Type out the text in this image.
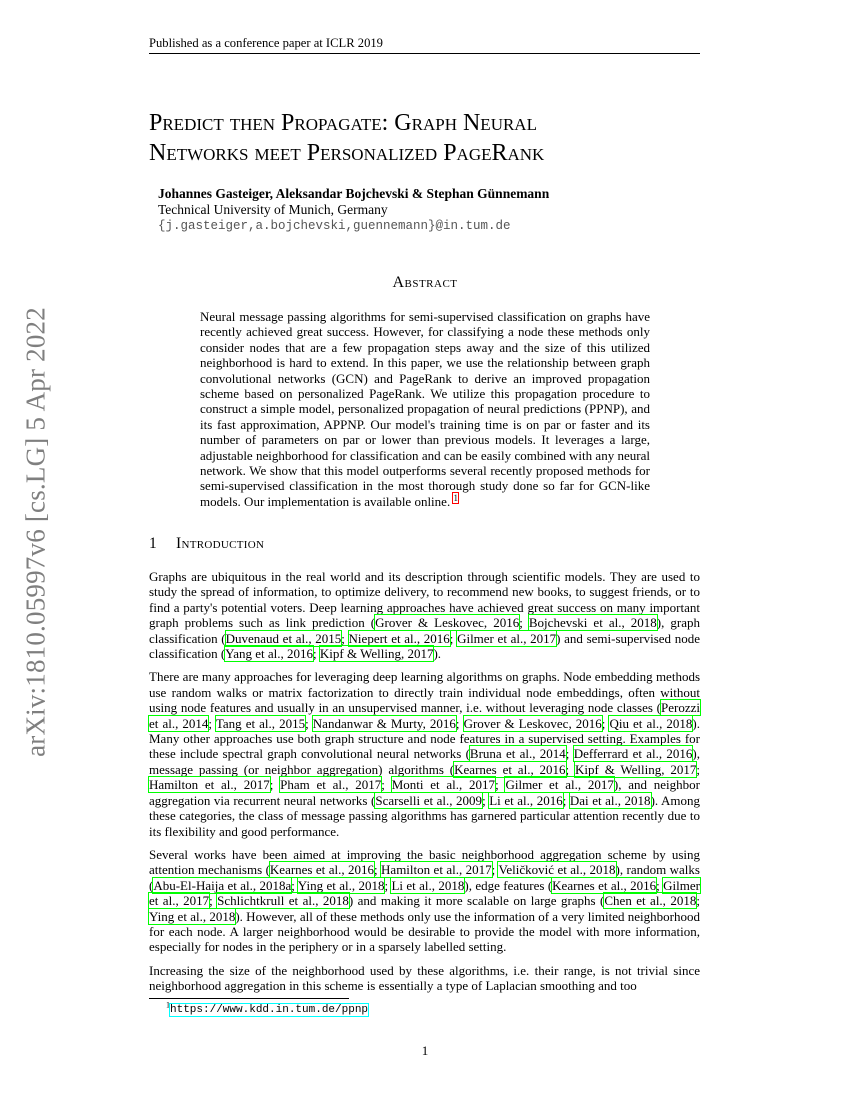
Published as a conference paper at ICLR 2019
arXiv:1810.05997v6 [cs.LG] 5 Apr 2022
Predict then Propagate: Graph Neural
Networks meet Personalized PageRank
Johannes Gasteiger, Aleksandar Bojchevski & Stephan Günnemann
Technical University of Munich, Germany
{j.gasteiger,a.bojchevski,guennemann}@in.tum.de
Abstract

Neural message passing algorithms for semi-supervised classification on graphs have recently achieved great success. However, for classifying a node these methods only consider nodes that are a few propagation steps away and the size of this utilized neighborhood is hard to extend. In this paper, we use the relationship between graph convolutional networks (GCN) and PageRank to derive an improved propagation scheme based on personalized PageRank. We utilize this propagation procedure to construct a simple model, personalized propagation of neural predictions (PPNP), and its fast approximation, APPNP. Our model's training time is on par or faster and its number of parameters on par or lower than previous models. It leverages a large, adjustable neighborhood for classification and can be easily combined with any neural network. We show that this model outperforms several recently proposed methods for semi-supervised classification in the most thorough study done so far for GCN-like models. Our implementation is available online. $^1$

1 Introduction

Graphs are ubiquitous in the real world and its description through scientific models. They are used to study the spread of information, to optimize delivery, to recommend new books, to suggest friends, or to find a party's potential voters. Deep learning approaches have achieved great success on many important graph problems such as link prediction (Grover & Leskovec, 2016; Bojchevski et al., 2018), graph classification (Duvenaud et al., 2015; Niepert et al., 2016; Gilmer et al., 2017) and semi-supervised node classification (Yang et al., 2016; Kipf & Welling, 2017).

There are many approaches for leveraging deep learning algorithms on graphs. Node embedding methods use random walks or matrix factorization to directly train individual node embeddings, often without using node features and usually in an unsupervised manner, i.e. without leveraging node classes (Perozzi et al., 2014; Tang et al., 2015; Nandanwar & Murty, 2016; Grover & Leskovec, 2016; Qiu et al., 2018). Many other approaches use both graph structure and node features in a supervised setting. Examples for these include spectral graph convolutional neural networks (Bruna et al., 2014; Defferrard et al., 2016), message passing (or neighbor aggregation) algorithms (Kearnes et al., 2016; Kipf & Welling, 2017; Hamilton et al., 2017; Pham et al., 2017; Monti et al., 2017; Gilmer et al., 2017), and neighbor aggregation via recurrent neural networks (Scarselli et al., 2009; Li et al., 2016; Dai et al., 2018). Among these categories, the class of message passing algorithms has garnered particular attention recently due to its flexibility and good performance.

Several works have been aimed at improving the basic neighborhood aggregation scheme by using attention mechanisms (Kearnes et al., 2016; Hamilton et al., 2017; Veličković et al., 2018), random walks (Abu-El-Haija et al., 2018a; Ying et al., 2018; Li et al., 2018), edge features (Kearnes et al., 2016; Gilmer et al., 2017; Schlichtkrull et al., 2018) and making it more scalable on large graphs (Chen et al., 2018; Ying et al., 2018). However, all of these methods only use the information of a very limited neighborhood for each node. A larger neighborhood would be desirable to provide the model with more information, especially for nodes in the periphery or in a sparsely labelled setting.

Increasing the size of the neighborhood used by these algorithms, i.e. their range, is not trivial since neighborhood aggregation in this scheme is essentially a type of Laplacian smoothing and too

$^1$https://www.kdd.in.tum.de/ppnp
1
